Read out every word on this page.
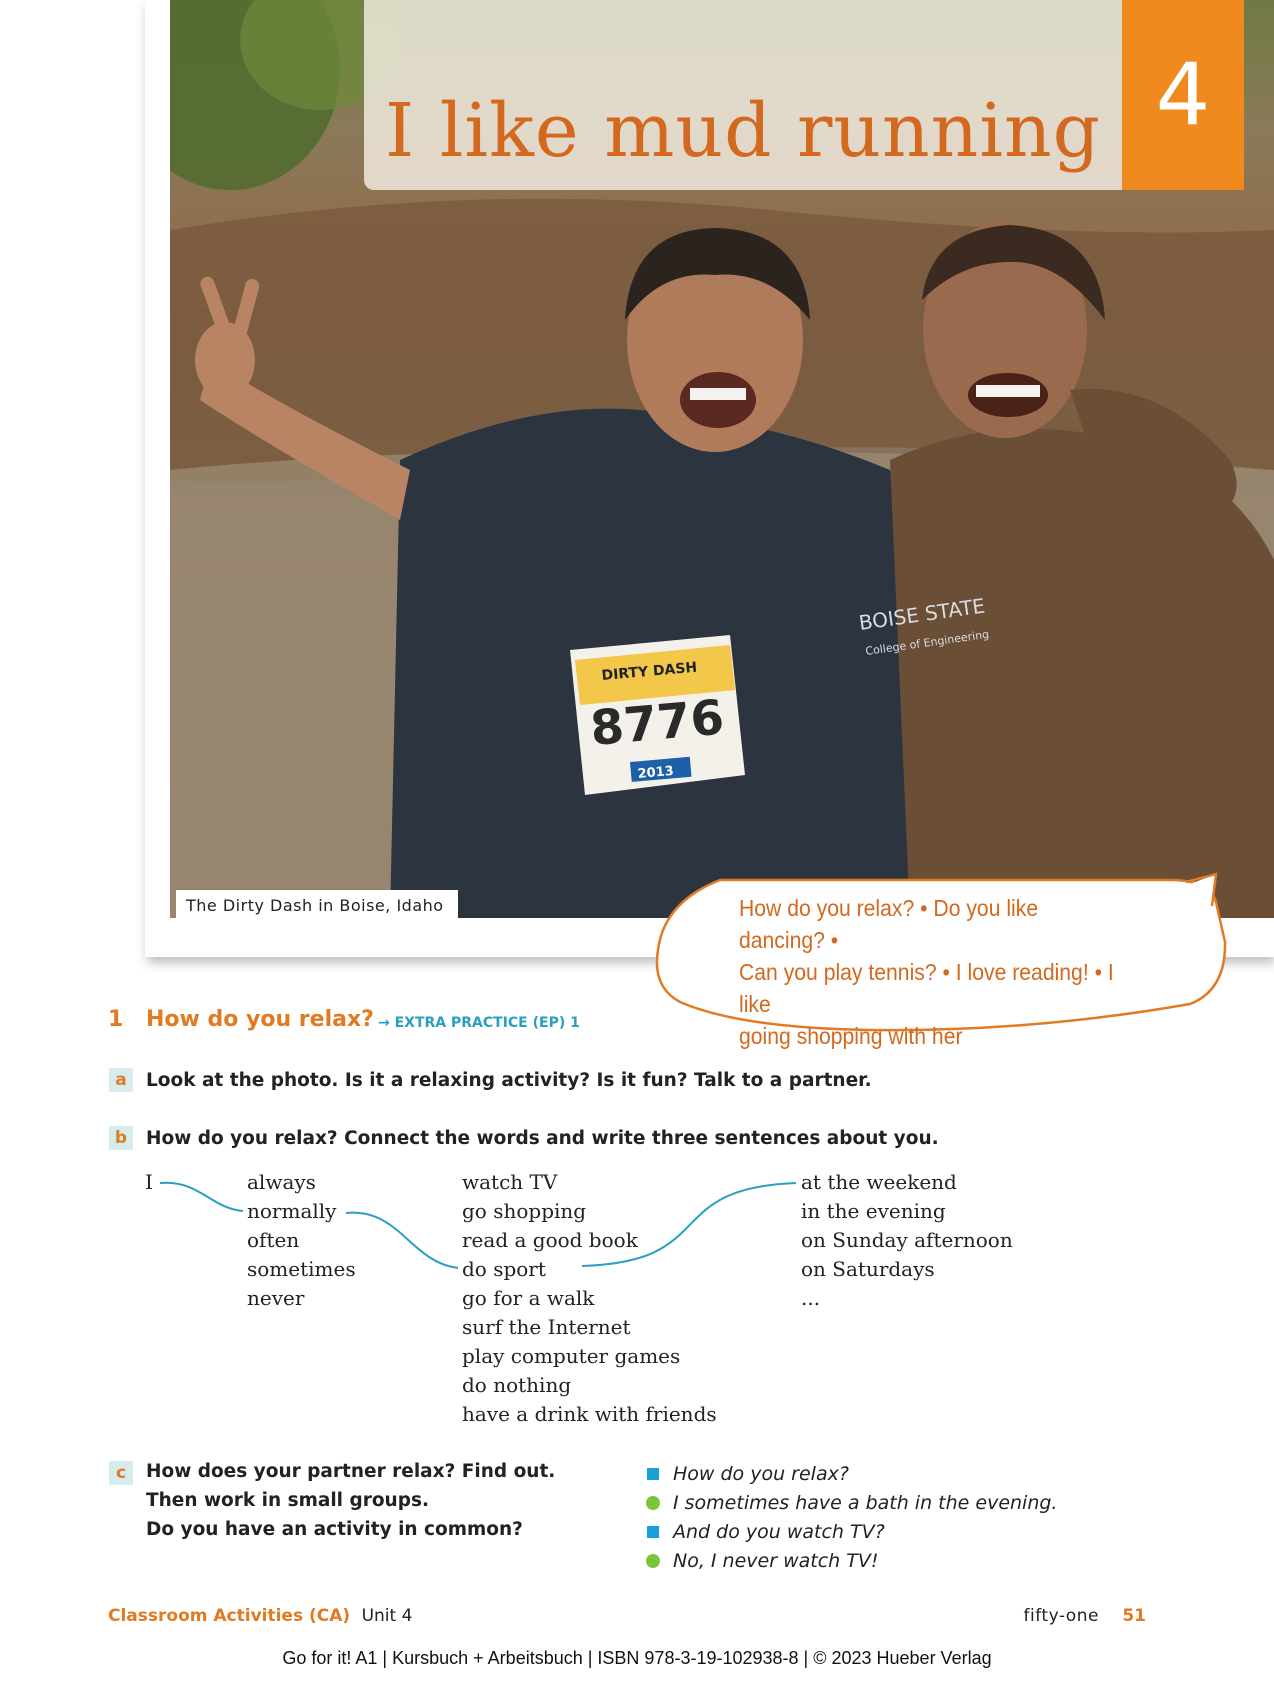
BOISE STATE
College of Engineering
DIRTY DASH
8776
2013
I like mud running 4
The Dirty Dash in Boise, Idaho	How do you relax? • Do you like dancing? •
Can you play tennis? • I love reading! • I like
going shopping with her
1 How do you relax? → EXTRA PRACTICE (EP) 1
a	Look at the photo. Is it a relaxing activity? Is it fun? Talk to a partner.
b	How do you relax? Connect the words and write three sentences about you.
I	always
normally
often
sometimes
never
watch TV
go shopping
read a good book
do sport
go for a walk
surf the Internet
play computer games
do nothing
have a drink with friends
at the weekend
in the evening
on Sunday afternoon
on Saturdays
...
c	How does your partner relax? Find out.
Then work in small groups.
Do you have an activity in common?
How do you relax?
I sometimes have a bath in the evening.
And do you watch TV?
No, I never watch TV!
Classroom Activities (CA) Unit 4	fifty-one 51
Go for it! A1 | Kursbuch + Arbeitsbuch | ISBN 978-3-19-102938-8 | © 2023 Hueber Verlag
